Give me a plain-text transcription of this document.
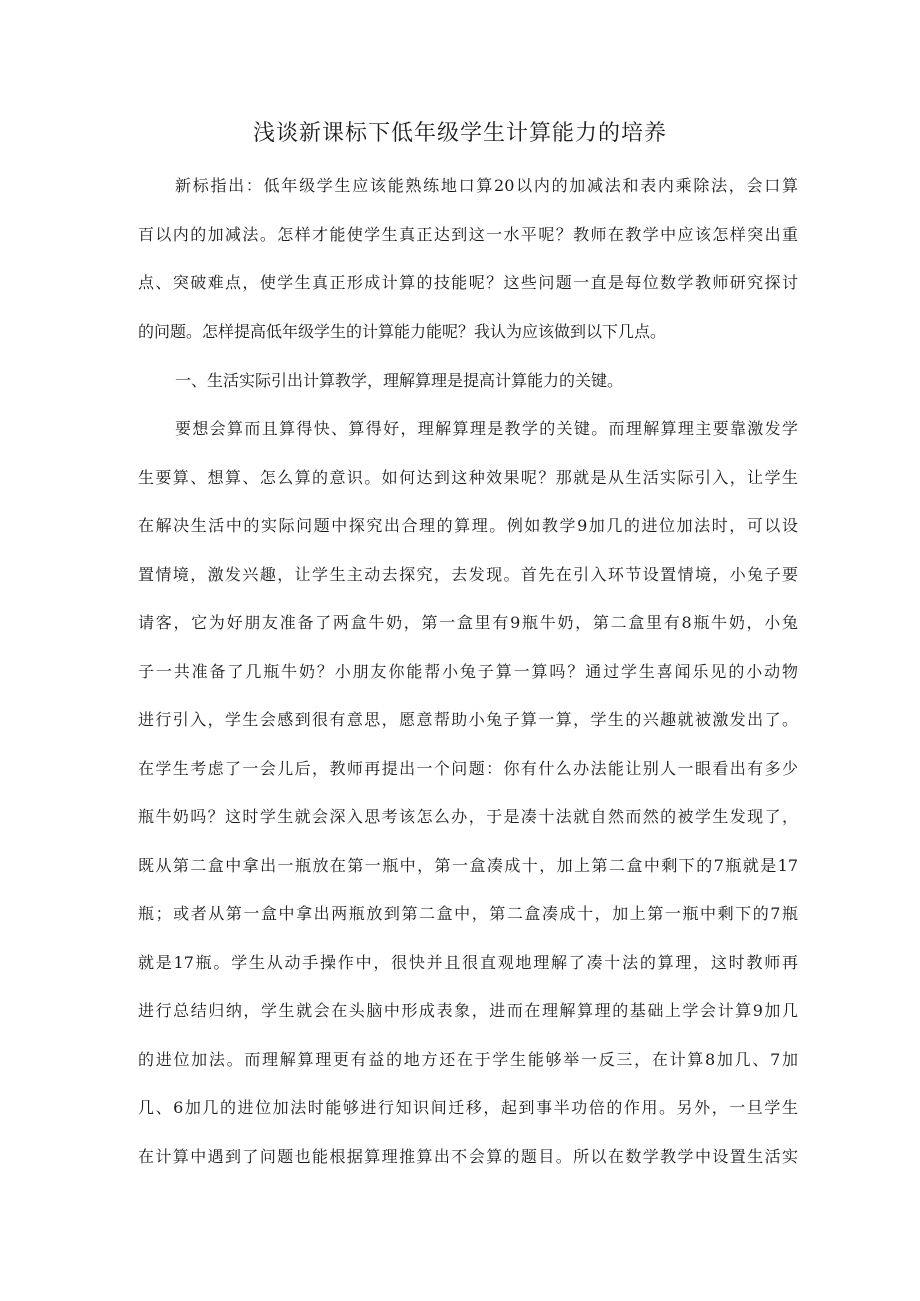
浅谈新课标下低年级学生计算能力的培养
新标指出：低年级学生应该能熟练地口算20以内的加减法和表内乘除法，会口算
百以内的加减法。怎样才能使学生真正达到这一水平呢？教师在教学中应该怎样突出重
点、突破难点，使学生真正形成计算的技能呢？这些问题一直是每位数学教师研究探讨
的问题。怎样提高低年级学生的计算能力能呢？我认为应该做到以下几点。
一、生活实际引出计算教学，理解算理是提高计算能力的关键。
要想会算而且算得快、算得好，理解算理是教学的关键。而理解算理主要靠激发学
生要算、想算、怎么算的意识。如何达到这种效果呢？那就是从生活实际引入，让学生
在解决生活中的实际问题中探究出合理的算理。例如教学9加几的进位加法时，可以设
置情境，激发兴趣，让学生主动去探究，去发现。首先在引入环节设置情境，小兔子要
请客，它为好朋友准备了两盒牛奶，第一盒里有9瓶牛奶，第二盒里有8瓶牛奶，小兔
子一共准备了几瓶牛奶？小朋友你能帮小兔子算一算吗？通过学生喜闻乐见的小动物
进行引入，学生会感到很有意思，愿意帮助小兔子算一算，学生的兴趣就被激发出了。
在学生考虑了一会儿后，教师再提出一个问题：你有什么办法能让别人一眼看出有多少
瓶牛奶吗？这时学生就会深入思考该怎么办，于是凑十法就自然而然的被学生发现了，
既从第二盒中拿出一瓶放在第一瓶中，第一盒凑成十，加上第二盒中剩下的7瓶就是17
瓶；或者从第一盒中拿出两瓶放到第二盒中，第二盒凑成十，加上第一瓶中剩下的7瓶
就是17瓶。学生从动手操作中，很快并且很直观地理解了凑十法的算理，这时教师再
进行总结归纳，学生就会在头脑中形成表象，进而在理解算理的基础上学会计算9加几
的进位加法。而理解算理更有益的地方还在于学生能够举一反三，在计算8加几、7加
几、6加几的进位加法时能够进行知识间迁移，起到事半功倍的作用。另外，一旦学生
在计算中遇到了问题也能根据算理推算出不会算的题目。所以在数学教学中设置生活实
